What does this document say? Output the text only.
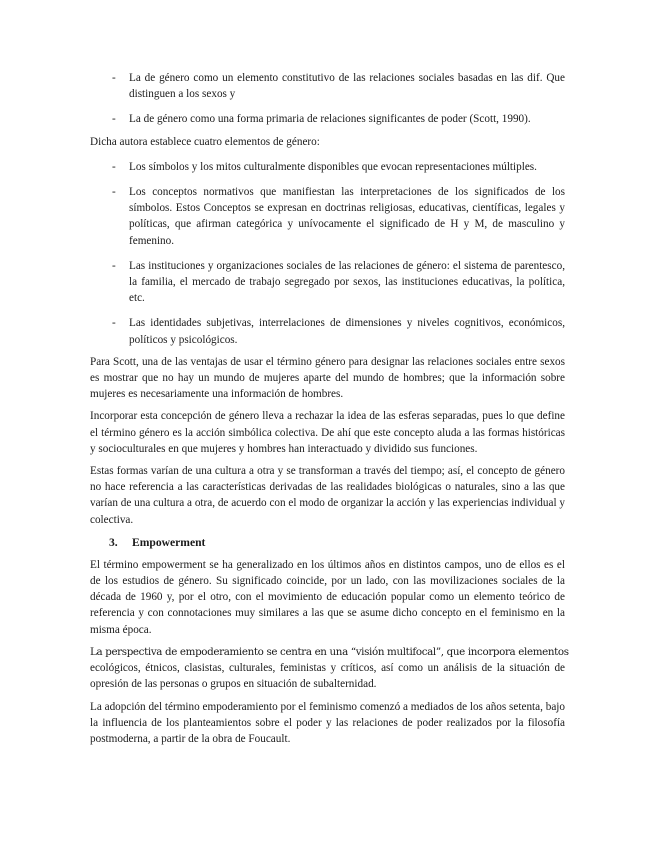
- La de género como un elemento constitutivo de las relaciones sociales basadas en las dif. Que distinguen a los sexos y
- La de género como una forma primaria de relaciones significantes de poder (Scott, 1990).

Dicha autora establece cuatro elementos de género:

- Los símbolos y los mitos culturalmente disponibles que evocan representaciones múltiples.
- Los conceptos normativos que manifiestan las interpretaciones de los significados de los símbolos. Estos Conceptos se expresan en doctrinas religiosas, educativas, científicas, legales y políticas, que afirman categórica y unívocamente el significado de H y M, de masculino y femenino.
- Las instituciones y organizaciones sociales de las relaciones de género: el sistema de parentesco, la familia, el mercado de trabajo segregado por sexos, las instituciones educativas, la política, etc.
- Las identidades subjetivas, interrelaciones de dimensiones y niveles cognitivos, económicos, políticos y psicológicos.

Para Scott, una de las ventajas de usar el término género para designar las relaciones sociales entre sexos es mostrar que no hay un mundo de mujeres aparte del mundo de hombres; que la información sobre mujeres es necesariamente una información de hombres.

Incorporar esta concepción de género lleva a rechazar la idea de las esferas separadas, pues lo que define el término género es la acción simbólica colectiva. De ahí que este concepto aluda a las formas históricas y socioculturales en que mujeres y hombres han interactuado y dividido sus funciones.

Estas formas varían de una cultura a otra y se transforman a través del tiempo; así, el concepto de género no hace referencia a las características derivadas de las realidades biológicas o naturales, sino a las que varían de una cultura a otra, de acuerdo con el modo de organizar la acción y las experiencias individual y colectiva.

3. Empowerment

El término empowerment se ha generalizado en los últimos años en distintos campos, uno de ellos es el de los estudios de género. Su significado coincide, por un lado, con las movilizaciones sociales de la década de 1960 y, por el otro, con el movimiento de educación popular como un elemento teórico de referencia y con connotaciones muy similares a las que se asume dicho concepto en el feminismo en la misma época.

La perspectiva de empoderamiento se centra en una “visión multifocal”, que incorpora elementos
ecológicos, étnicos, clasistas, culturales, feministas y críticos, así como un análisis de la situación de opresión de las personas o grupos en situación de subalternidad.

La adopción del término empoderamiento por el feminismo comenzó a mediados de los años setenta, bajo la influencia de los planteamientos sobre el poder y las relaciones de poder realizados por la filosofía postmoderna, a partir de la obra de Foucault.
